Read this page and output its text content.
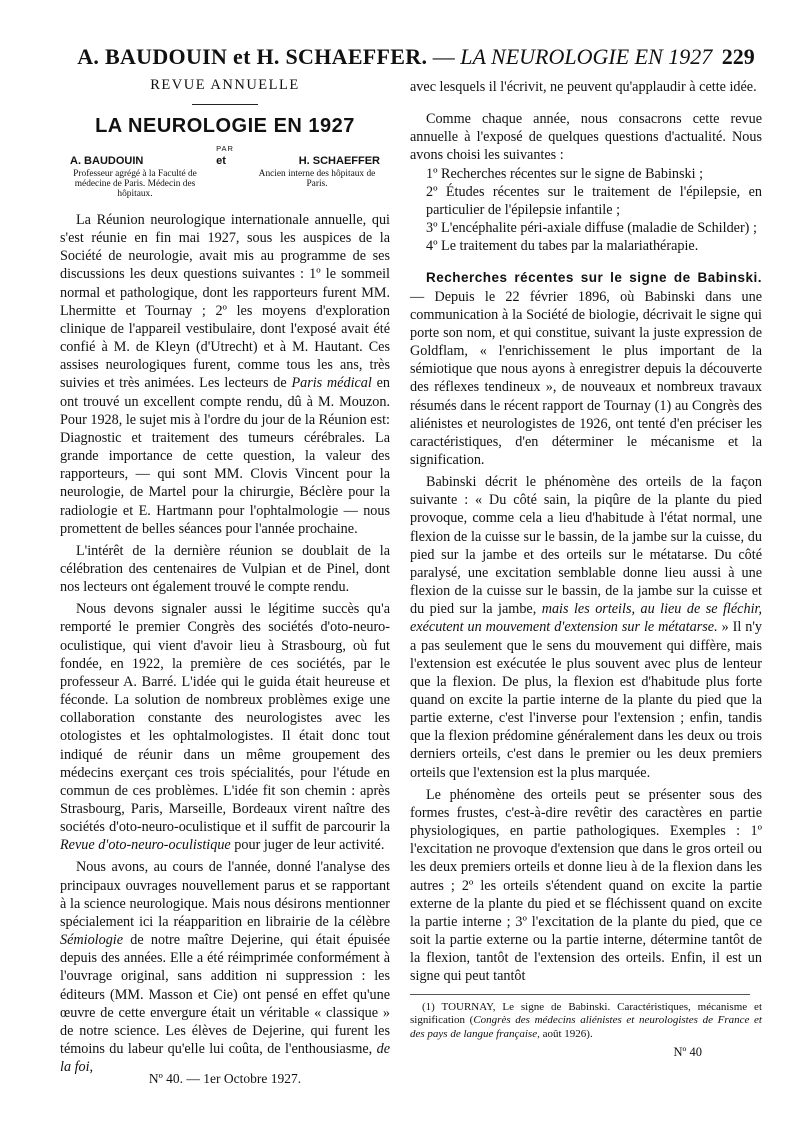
A. BAUDOUIN et H. SCHAEFFER. — LA NEUROLOGIE EN 1927 229
REVUE ANNUELLE
LA NEUROLOGIE EN 1927
PAR
A. BAUDOUIN	et	H. SCHAEFFER
Professeur agrégé à la Faculté de médecine de Paris. Médecin des hôpitaux.
Ancien interne des hôpitaux de Paris.

La Réunion neurologique internationale annuelle, qui s'est réunie en fin mai 1927, sous les auspices de la Société de neurologie, avait mis au programme de ses discussions les deux questions suivantes : 1º le sommeil normal et pathologique, dont les rapporteurs furent MM. Lhermitte et Tournay ; 2º les moyens d'exploration clinique de l'appareil vestibulaire, dont l'exposé avait été confié à M. de Kleyn (d'Utrecht) et à M. Hautant. Ces assises neurologiques furent, comme tous les ans, très suivies et très animées. Les lecteurs de Paris médical en ont trouvé un excellent compte rendu, dû à M. Mouzon. Pour 1928, le sujet mis à l'ordre du jour de la Réunion est: Diagnostic et traitement des tumeurs cérébrales. La grande importance de cette question, la valeur des rapporteurs, — qui sont MM. Clovis Vincent pour la neurologie, de Martel pour la chirurgie, Béclère pour la radiologie et E. Hartmann pour l'ophtalmologie — nous promettent de belles séances pour l'année prochaine.

L'intérêt de la dernière réunion se doublait de la célébration des centenaires de Vulpian et de Pinel, dont nos lecteurs ont également trouvé le compte rendu.

Nous devons signaler aussi le légitime succès qu'a remporté le premier Congrès des sociétés d'oto-neuro-oculistique, qui vient d'avoir lieu à Strasbourg, où fut fondée, en 1922, la première de ces sociétés, par le professeur A. Barré. L'idée qui le guida était heureuse et féconde. La solution de nombreux problèmes exige une collaboration constante des neurologistes avec les otologistes et les ophtalmologistes. Il était donc tout indiqué de réunir dans un même groupement des médecins exerçant ces trois spécialités, pour l'étude en commun de ces problèmes. L'idée fit son chemin : après Strasbourg, Paris, Marseille, Bordeaux virent naître des sociétés d'oto-neuro-oculistique et il suffit de parcourir la Revue d'oto-neuro-oculistique pour juger de leur activité.

Nous avons, au cours de l'année, donné l'analyse des principaux ouvrages nouvellement parus et se rapportant à la science neurologique. Mais nous désirons mentionner spécialement ici la réapparition en librairie de la célèbre Sémiologie de notre maître Dejerine, qui était épuisée depuis des années. Elle a été réimprimée conformément à l'ouvrage original, sans addition ni suppression : les éditeurs (MM. Masson et Cie) ont pensé en effet qu'une œuvre de cette envergure était un véritable « classique » de notre science. Les élèves de Dejerine, qui furent les témoins du labeur qu'elle lui coûta, de l'enthousiasme, de la foi,

Nº 40. — 1er Octobre 1927.

avec lesquels il l'écrivit, ne peuvent qu'applaudir à cette idée.

Comme chaque année, nous consacrons cette revue annuelle à l'exposé de quelques questions d'actualité. Nous avons choisi les suivantes :

1º Recherches récentes sur le signe de Babinski ;

2º Études récentes sur le traitement de l'épilepsie, en particulier de l'épilepsie infantile ;

3º L'encéphalite péri-axiale diffuse (maladie de Schilder) ;

4º Le traitement du tabes par la malariathérapie.

Recherches récentes sur le signe de Babinski. — Depuis le 22 février 1896, où Babinski dans une communication à la Société de biologie, décrivait le signe qui porte son nom, et qui constitue, suivant la juste expression de Goldflam, « l'enrichissement le plus important de la sémiotique que nous ayons à enregistrer depuis la découverte des réflexes tendineux », de nouveaux et nombreux travaux résumés dans le récent rapport de Tournay (1) au Congrès des aliénistes et neurologistes de 1926, ont tenté d'en préciser les caractéristiques, d'en déterminer le mécanisme et la signification.

Babinski décrit le phénomène des orteils de la façon suivante : « Du côté sain, la piqûre de la plante du pied provoque, comme cela a lieu d'habitude à l'état normal, une flexion de la cuisse sur le bassin, de la jambe sur la cuisse, du pied sur la jambe et des orteils sur le métatarse. Du côté paralysé, une excitation semblable donne lieu aussi à une flexion de la cuisse sur le bassin, de la jambe sur la cuisse et du pied sur la jambe, mais les orteils, au lieu de se fléchir, exécutent un mouvement d'extension sur le métatarse. » Il n'y a pas seulement que le sens du mouvement qui diffère, mais l'extension est exécutée le plus souvent avec plus de lenteur que la flexion. De plus, la flexion est d'habitude plus forte quand on excite la partie interne de la plante du pied que la partie externe, c'est l'inverse pour l'extension ; enfin, tandis que la flexion prédomine généralement dans les deux ou trois derniers orteils, c'est dans le premier ou les deux premiers orteils que l'extension est la plus marquée.

Le phénomène des orteils peut se présenter sous des formes frustes, c'est-à-dire revêtir des caractères en partie physiologiques, en partie pathologiques. Exemples : 1º l'excitation ne provoque d'extension que dans le gros orteil ou les deux premiers orteils et donne lieu à de la flexion dans les autres ; 2º les orteils s'étendent quand on excite la partie externe de la plante du pied et se fléchissent quand on excite la partie interne ; 3º l'excitation de la plante du pied, que ce soit la partie externe ou la partie interne, détermine tantôt de la flexion, tantôt de l'extension des orteils. Enfin, il est un signe qui peut tantôt

(1) TOURNAY, Le signe de Babinski. Caractéristiques, mécanisme et signification (Congrès des médecins aliénistes et neurologistes de France et des pays de langue française, août 1926).

Nº 40
